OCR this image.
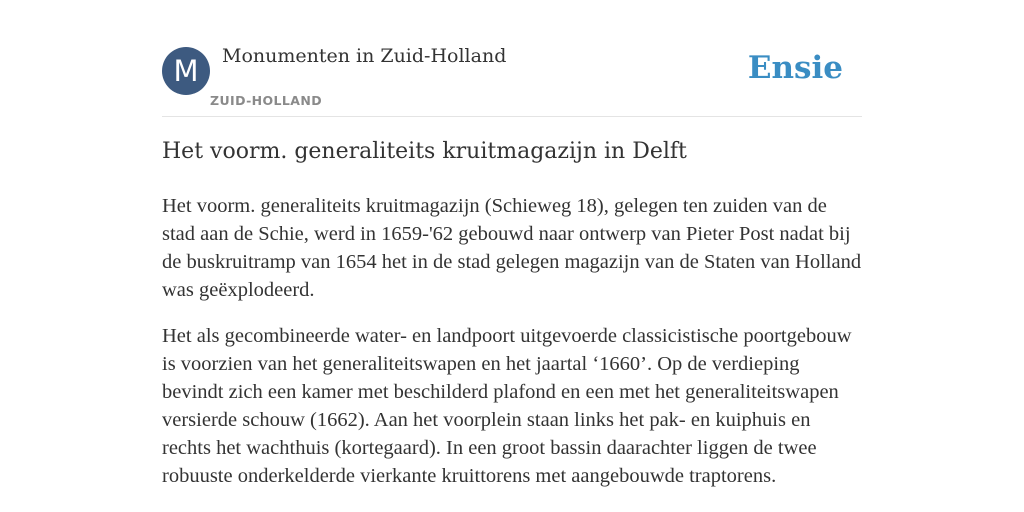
M	Monumenten in Zuid-Holland
ZUID-HOLLAND
Ensie
Het voorm. generaliteits kruitmagazijn in Delft

Het voorm. generaliteits kruitmagazijn (Schieweg 18), gelegen ten zuiden van de stad aan de Schie, werd in 1659-'62 gebouwd naar ontwerp van Pieter Post nadat bij de buskruitramp van 1654 het in de stad gelegen magazijn van de Staten van Holland was geëxplodeerd.

Het als gecombineerde water- en landpoort uitgevoerde classicistische poortgebouw is voorzien van het generaliteitswapen en het jaartal ‘1660’. Op de verdieping bevindt zich een kamer met beschilderd plafond en een met het generaliteitswapen versierde schouw (1662). Aan het voorplein staan links het pak- en kuiphuis en rechts het wachthuis (kortegaard). In een groot bassin daarachter liggen de twee robuuste onderkelderde vierkante kruittorens met aangebouwde traptorens.
